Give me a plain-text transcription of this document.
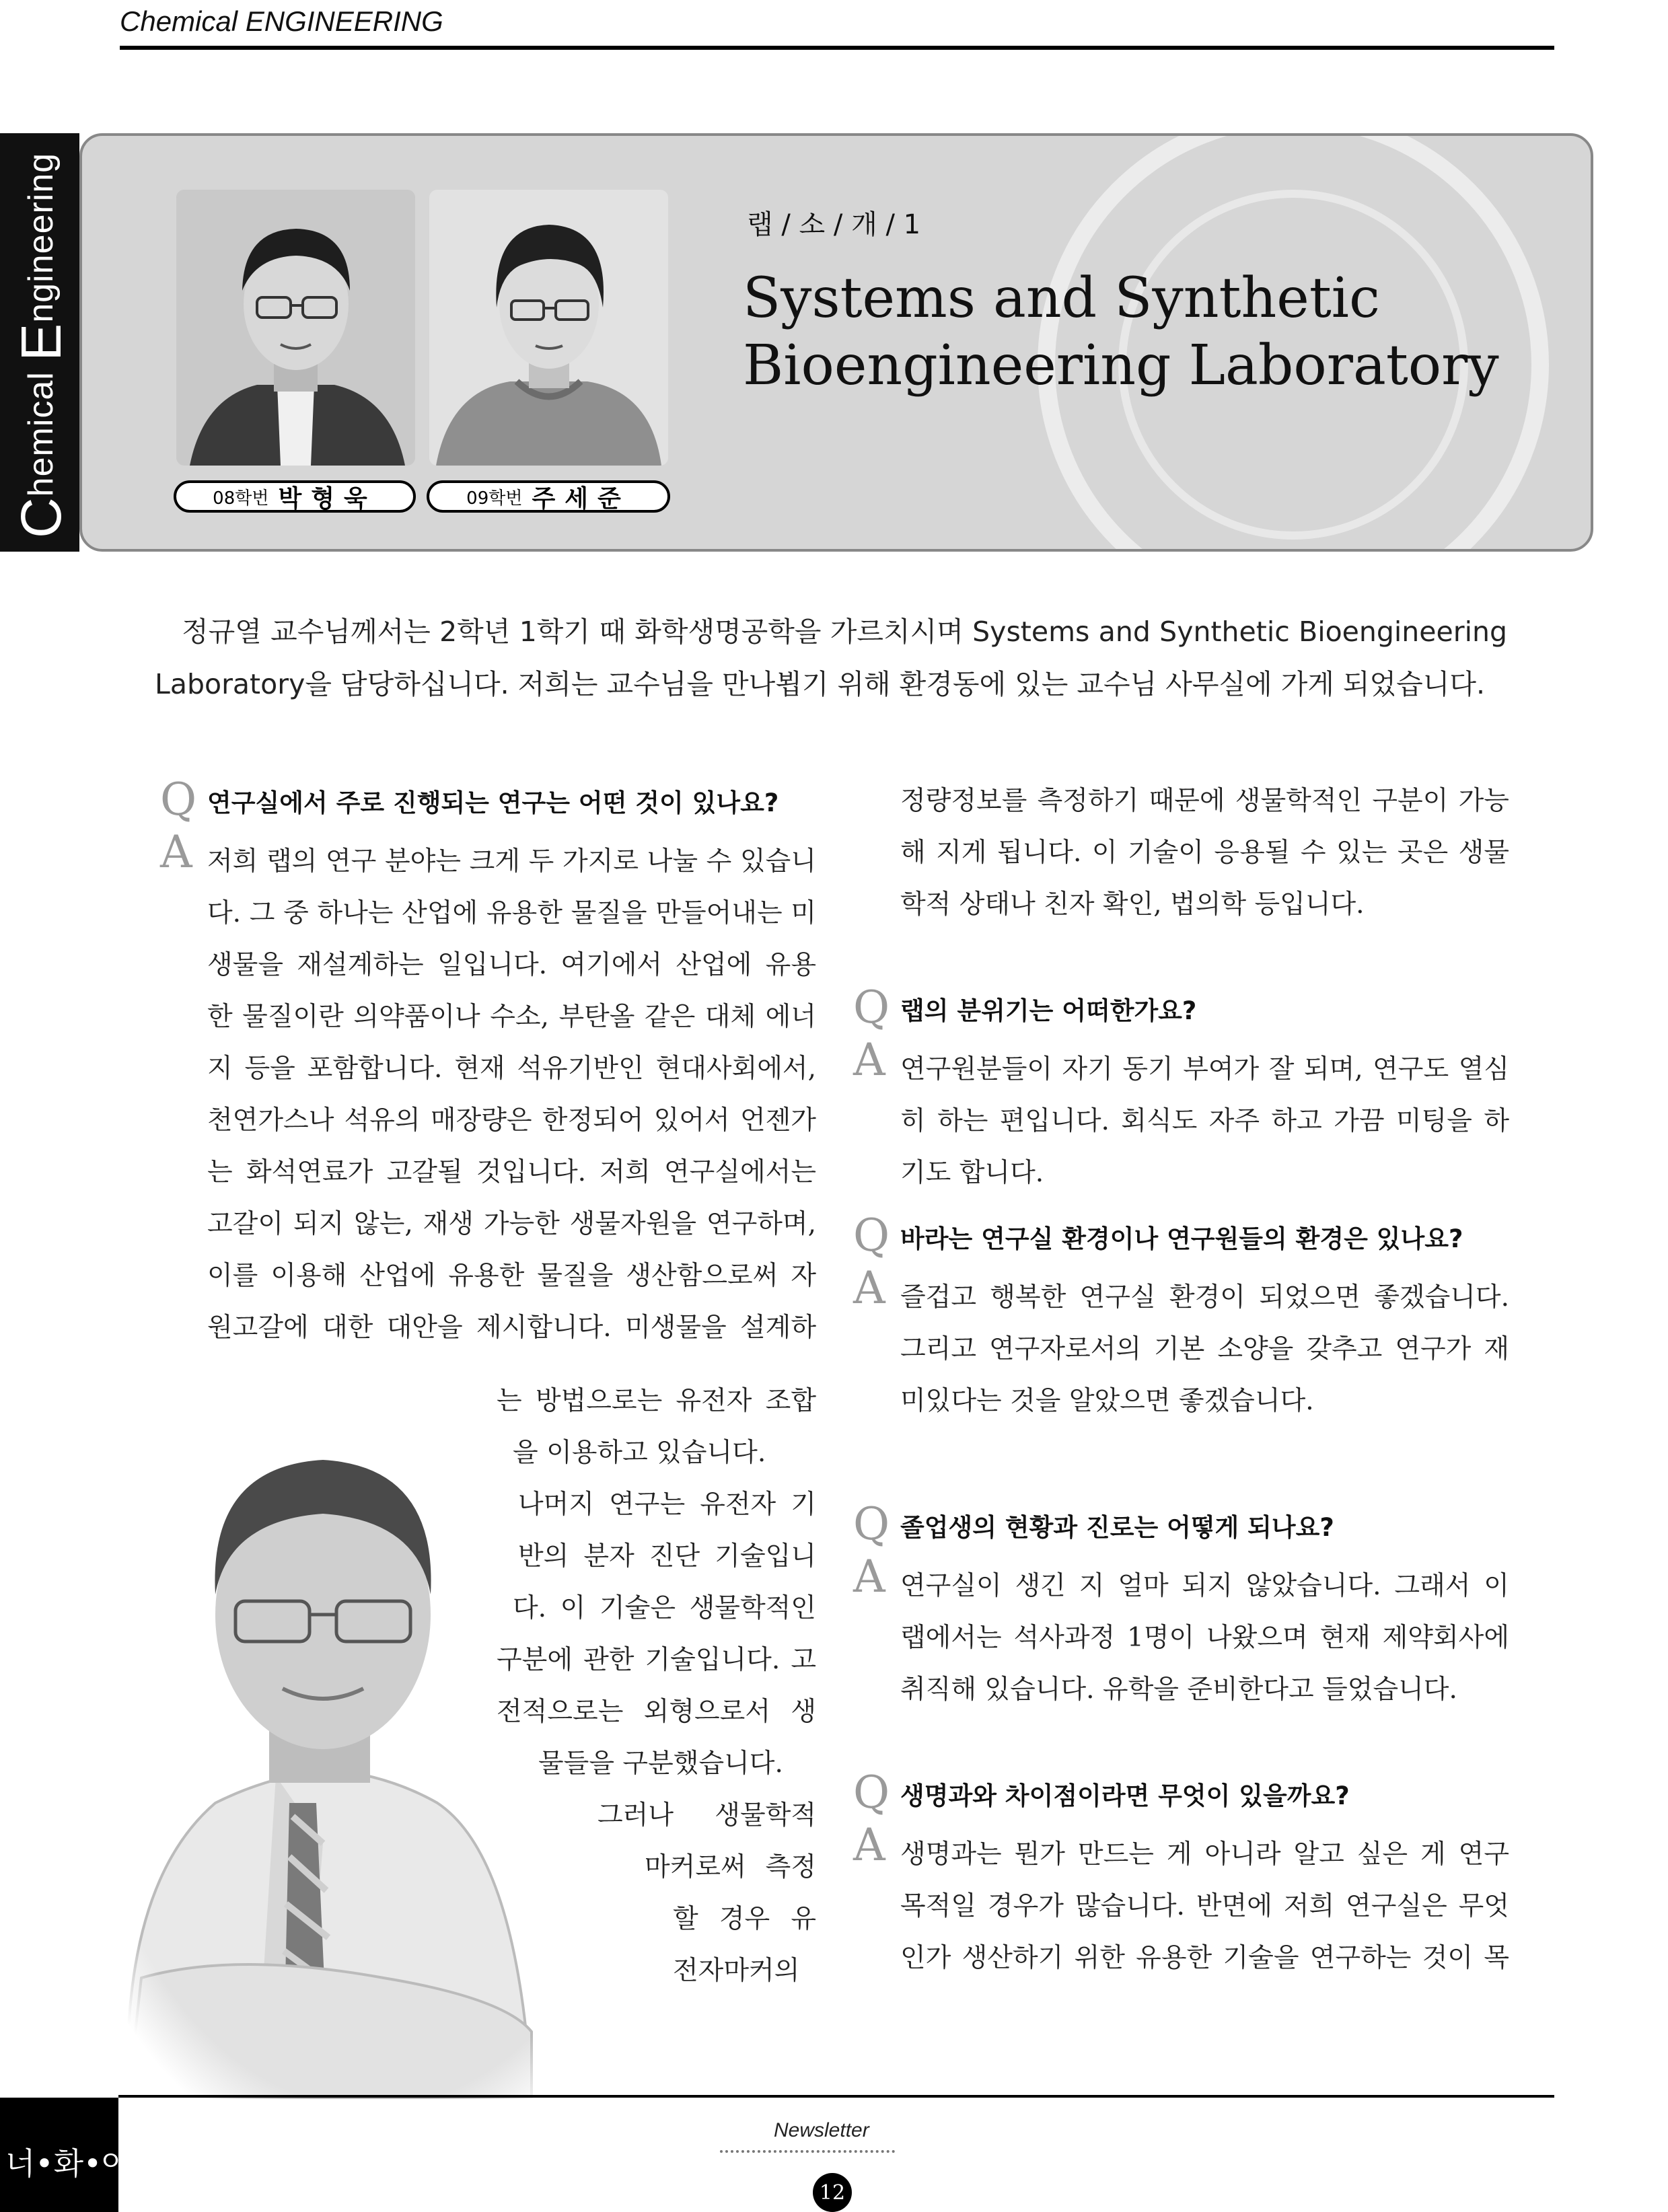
Chemical ENGINEERING
08학번 박형욱	09학번 주세준
랩 / 소 / 개 / 1
Systems and Synthetic
Bioengineering Laboratory
C
hemical
E
ngineering
정규열 교수님께서는 2학년 1학기 때 화학생명공학을 가르치시며 Systems and Synthetic Bioengineering
Laboratory을 담당하십니다. 저희는 교수님을 만나뵙기 위해 환경동에 있는 교수님 사무실에 가게 되었습니다.
Q 연구실에서 주로 진행되는 연구는 어떤 것이 있나요?
A 저희 랩의 연구 분야는 크게 두 가지로 나눌 수 있습니
다. 그 중 하나는 산업에 유용한 물질을 만들어내는 미
생물을 재설계하는 일입니다. 여기에서 산업에 유용
한 물질이란 의약품이나 수소, 부탄올 같은 대체 에너
지 등을 포함합니다. 현재 석유기반인 현대사회에서,
천연가스나 석유의 매장량은 한정되어 있어서 언젠가
는 화석연료가 고갈될 것입니다. 저희 연구실에서는
고갈이 되지 않는, 재생 가능한 생물자원을 연구하며,
이를 이용해 산업에 유용한 물질을 생산함으로써 자
원고갈에 대한 대안을 제시합니다. 미생물을 설계하
는 방법으로는 유전자 조합
을 이용하고 있습니다.
나머지 연구는 유전자 기
반의 분자 진단 기술입니
다. 이 기술은 생물학적인
구분에 관한 기술입니다. 고
전적으로는 외형으로서 생
물들을 구분했습니다.
그러나 생물학적
마커로써 측정
할 경우 유
전자마커의
정량정보를 측정하기 때문에 생물학적인 구분이 가능
해 지게 됩니다. 이 기술이 응용될 수 있는 곳은 생물
학적 상태나 친자 확인, 법의학 등입니다.
Q 랩의 분위기는 어떠한가요?
A 연구원분들이 자기 동기 부여가 잘 되며, 연구도 열심
히 하는 편입니다. 회식도 자주 하고 가끔 미팅을 하
기도 합니다.
Q 바라는 연구실 환경이나 연구원들의 환경은 있나요?
A 즐겁고 행복한 연구실 환경이 되었으면 좋겠습니다.
그리고 연구자로서의 기본 소양을 갖추고 연구가 재
미있다는 것을 알았으면 좋겠습니다.
Q 졸업생의 현황과 진로는 어떻게 되나요?
A 연구실이 생긴 지 얼마 되지 않았습니다. 그래서 이
랩에서는 석사과정 1명이 나왔으며 현재 제약회사에
취직해 있습니다. 유학을 준비한다고 들었습니다.
Q 생명과와 차이점이라면 무엇이 있을까요?
A 생명과는 뭔가 만드는 게 아니라 알고 싶은 게 연구
목적일 경우가 많습니다. 반면에 저희 연구실은 무엇
인가 생산하기 위한 유용한 기술을 연구하는 것이 목
너•화•아
Newsletter
12
